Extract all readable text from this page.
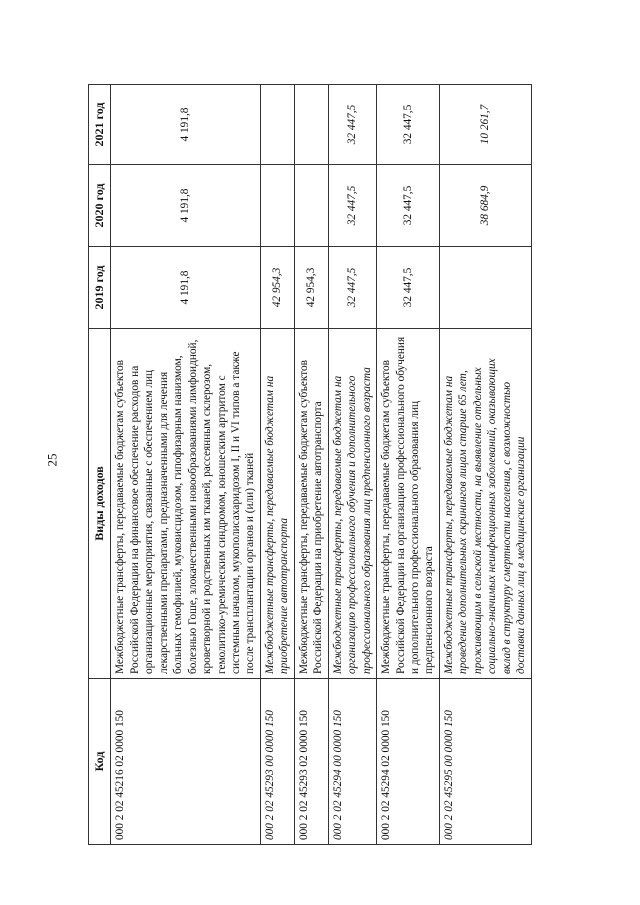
25
Код	Виды доходов	2019 год	2020 год	2021 год
000 2 02 45216 02 0000 150	Межбюджетные трансферты, передаваемые бюджетам субъектов Российской Федерации на финансовое обеспечение расходов на организационные мероприятия, связанные с обеспечением лиц лекарственными препаратами, предназначенными для лечения больных гемофилией, муковисцидозом, гипофизарным нанизмом, болезнью Гоше, злокачественными новообразованиями лимфоидной, кроветворной и родственных им тканей, рассеянным склерозом, гемолитико-уремическим синдромом, юношеским артритом с системным началом, мукополисахаридозом I, II и VI типов а также после трансплантации органов и (или) тканей	4 191,8	4 191,8	4 191,8
000 2 02 45293 00 0000 150	Межбюджетные трансферты, передаваемые бюджетам на приобретение автотранспорта	42 954,3		
000 2 02 45293 02 0000 150	Межбюджетные трансферты, передаваемые бюджетам субъектов Российской Федерации на приобретение автотранспорта	42 954,3		
000 2 02 45294 00 0000 150	Межбюджетные трансферты, передаваемые бюджетам на организацию профессионального обучения и дополнительного профессионального образования лиц предпенсионного возраста	32 447,5	32 447,5	32 447,5
000 2 02 45294 02 0000 150	Межбюджетные трансферты, передаваемые бюджетам субъектов Российской Федерации на организацию профессионального обучения и дополнительного профессионального образования лиц предпенсионного возраста	32 447,5	32 447,5	32 447,5
000 2 02 45295 00 0000 150	Межбюджетные трансферты, передаваемые бюджетам на проведение дополнительных скринингов лицам старше 65 лет, проживающим в сельской местности, на выявление отдельных социально-значимых неинфекционных заболеваний, оказывающих вклад в структуру смертности населения, с возможностью доставки данных лиц в медицинские организации		38 684,9	10 261,7
